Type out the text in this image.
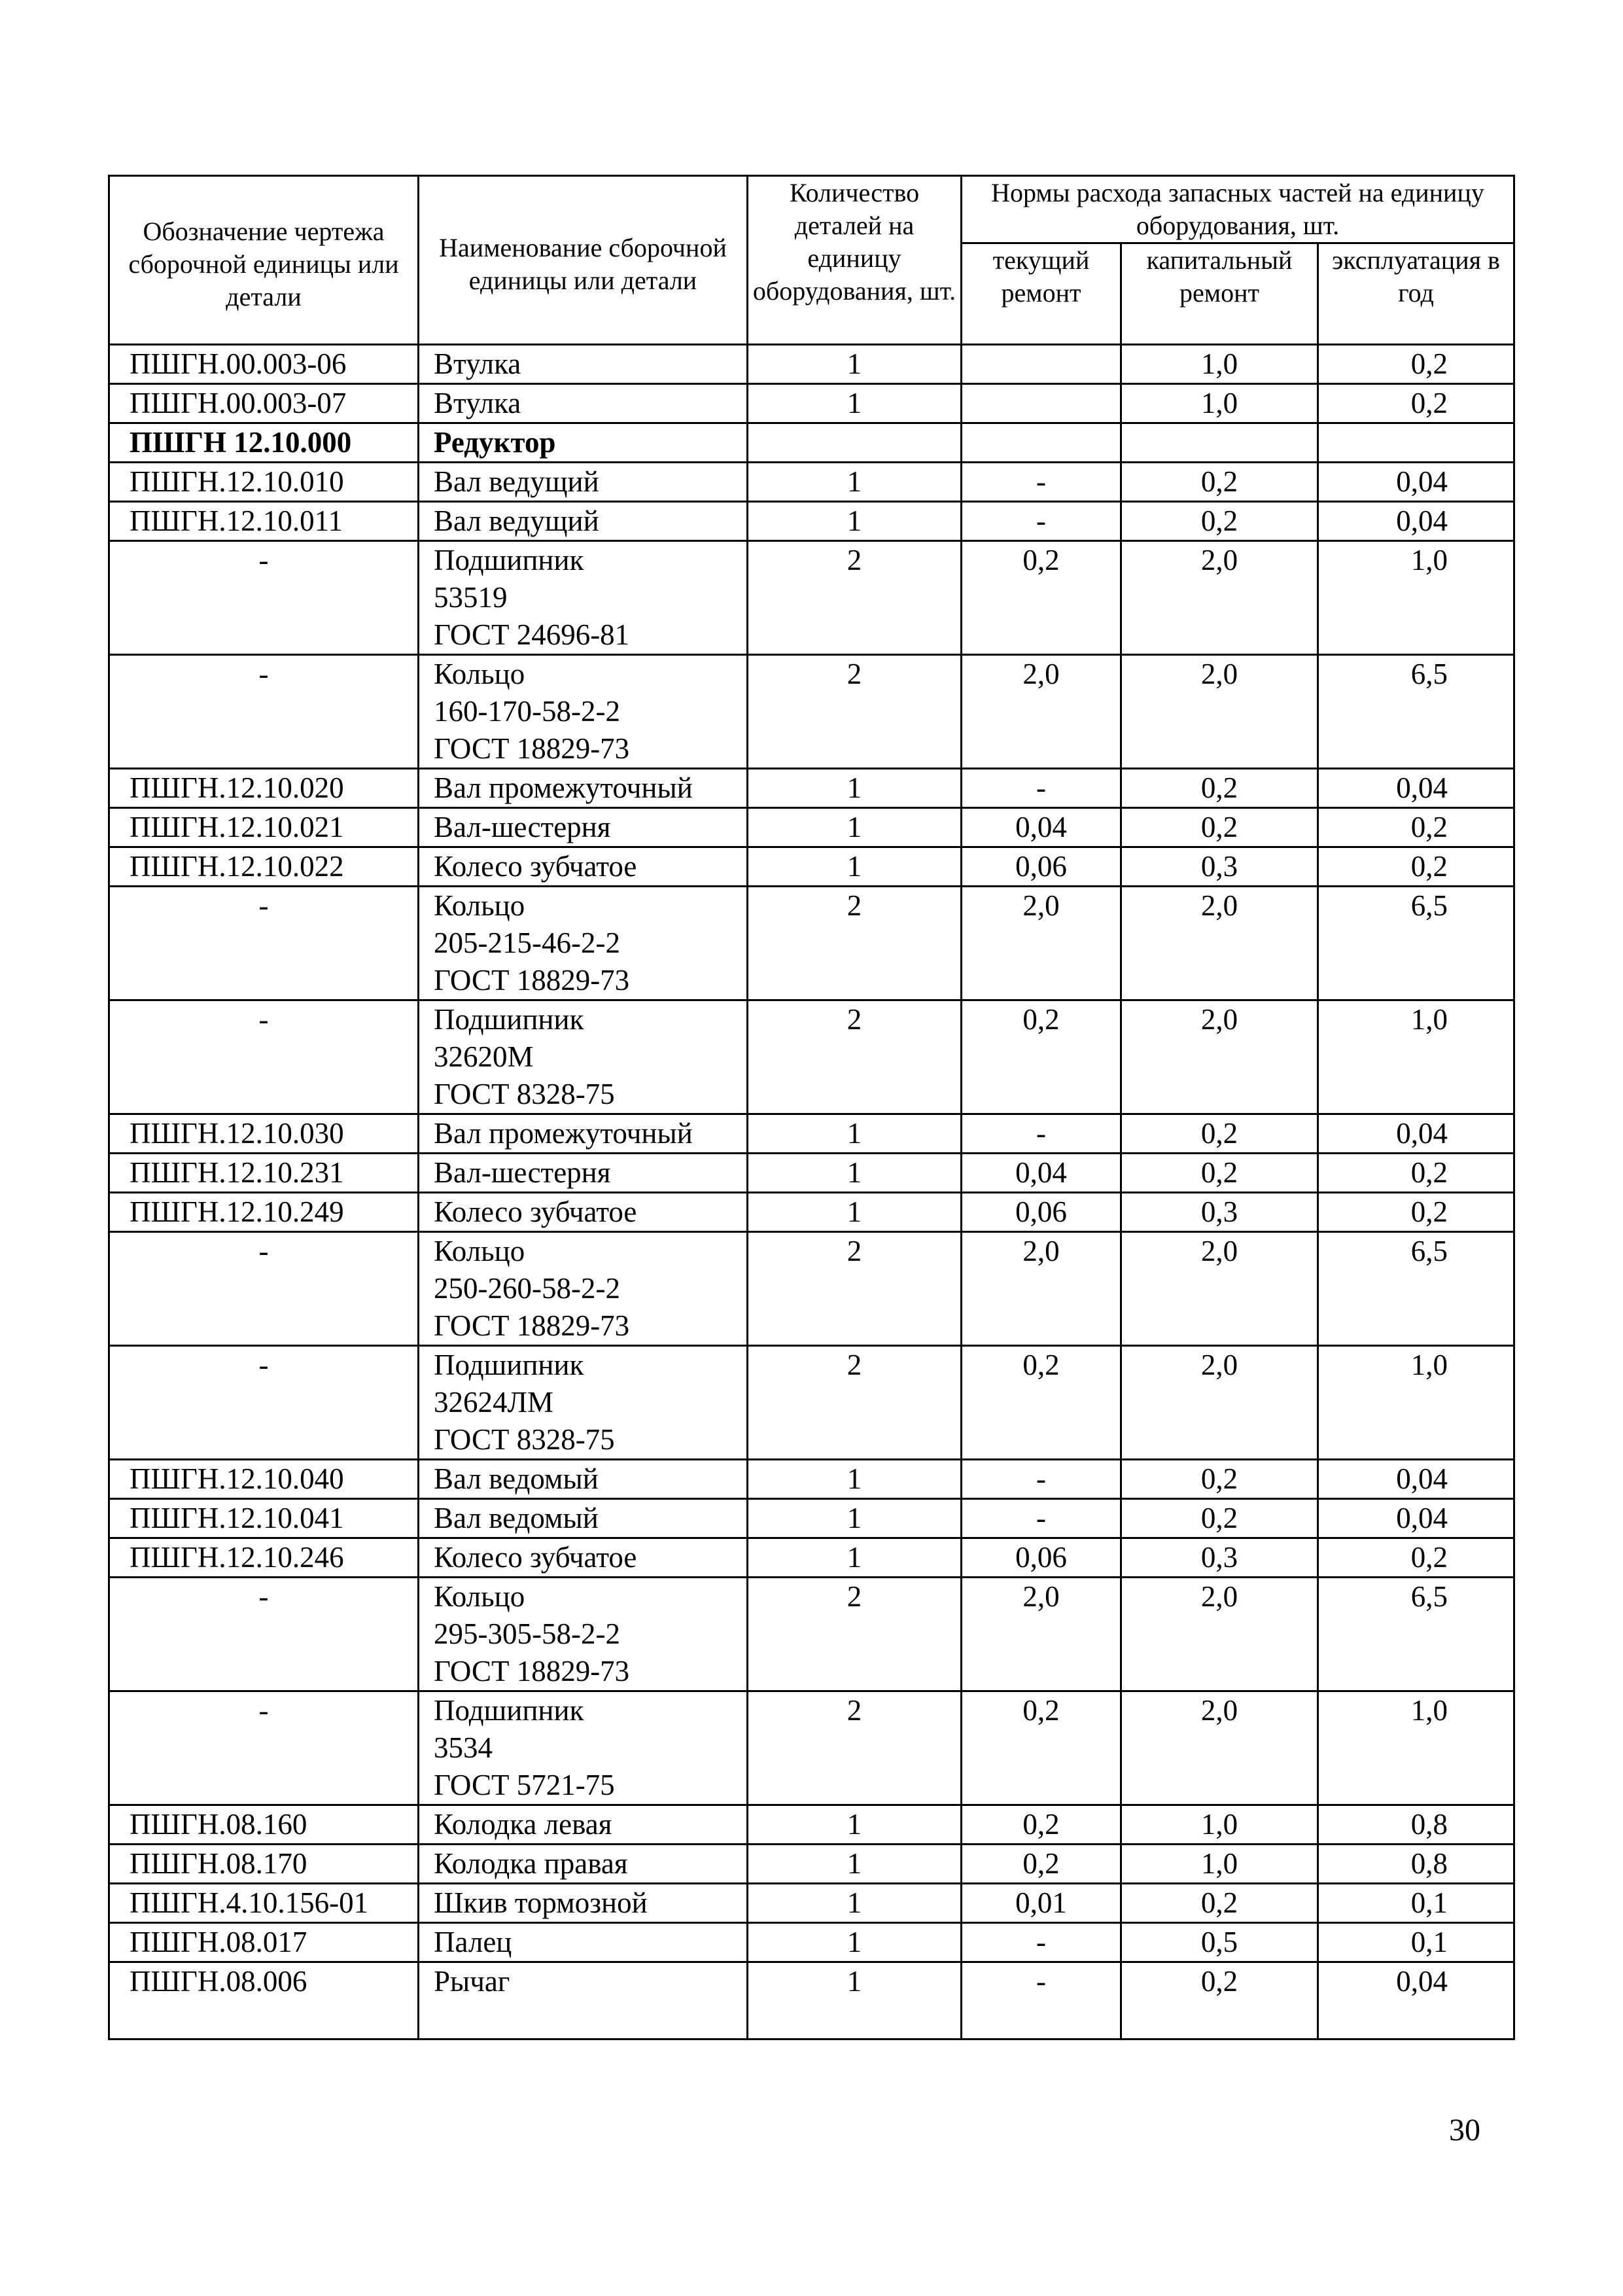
Обозначение чертежа сборочной единицы или детали	Наименование сборочной единицы или детали	Количество деталей на единицу оборудования, шт.	Нормы расхода запасных частей на единицу оборудования, шт.		
			текущий ремонт	капитальный ремонт	эксплуатация в год
ПШГН.00.003-06	Втулка	1		1,0	0,2
ПШГН.00.003-07	Втулка	1		1,0	0,2
ПШГН 12.10.000	Редуктор				

ПШГН.12.10.010	Вал ведущий	1	-	0,2	0,04
ПШГН.12.10.011	Вал ведущий	1	-	0,2	0,04
-	Подшипник
53519
ГОСТ 24696-81	2	0,2	2,0	1,0
-	Кольцо
160-170-58-2-2
ГОСТ 18829-73	2	2,0	2,0	6,5
ПШГН.12.10.020	Вал промежуточный	1	-	0,2	0,04
ПШГН.12.10.021	Вал-шестерня	1	0,04	0,2	0,2
ПШГН.12.10.022	Колесо зубчатое	1	0,06	0,3	0,2
-	Кольцо
205-215-46-2-2
ГОСТ 18829-73	2	2,0	2,0	6,5
-	Подшипник
32620М
ГОСТ 8328-75	2	0,2	2,0	1,0
ПШГН.12.10.030	Вал промежуточный	1	-	0,2	0,04
ПШГН.12.10.231	Вал-шестерня	1	0,04	0,2	0,2
ПШГН.12.10.249	Колесо зубчатое	1	0,06	0,3	0,2
-	Кольцо
250-260-58-2-2
ГОСТ 18829-73	2	2,0	2,0	6,5
-	Подшипник
32624ЛМ
ГОСТ 8328-75	2	0,2	2,0	1,0
ПШГН.12.10.040	Вал ведомый	1	-	0,2	0,04
ПШГН.12.10.041	Вал ведомый	1	-	0,2	0,04
ПШГН.12.10.246	Колесо зубчатое	1	0,06	0,3	0,2
-	Кольцо
295-305-58-2-2
ГОСТ 18829-73	2	2,0	2,0	6,5
-	Подшипник
3534
ГОСТ 5721-75	2	0,2	2,0	1,0
ПШГН.08.160	Колодка левая	1	0,2	1,0	0,8
ПШГН.08.170	Колодка правая	1	0,2	1,0	0,8
ПШГН.4.10.156-01	Шкив тормозной	1	0,01	0,2	0,1
ПШГН.08.017	Палец	1	-	0,5	0,1
ПШГН.08.006	Рычаг	1	-	0,2	0,04
30
